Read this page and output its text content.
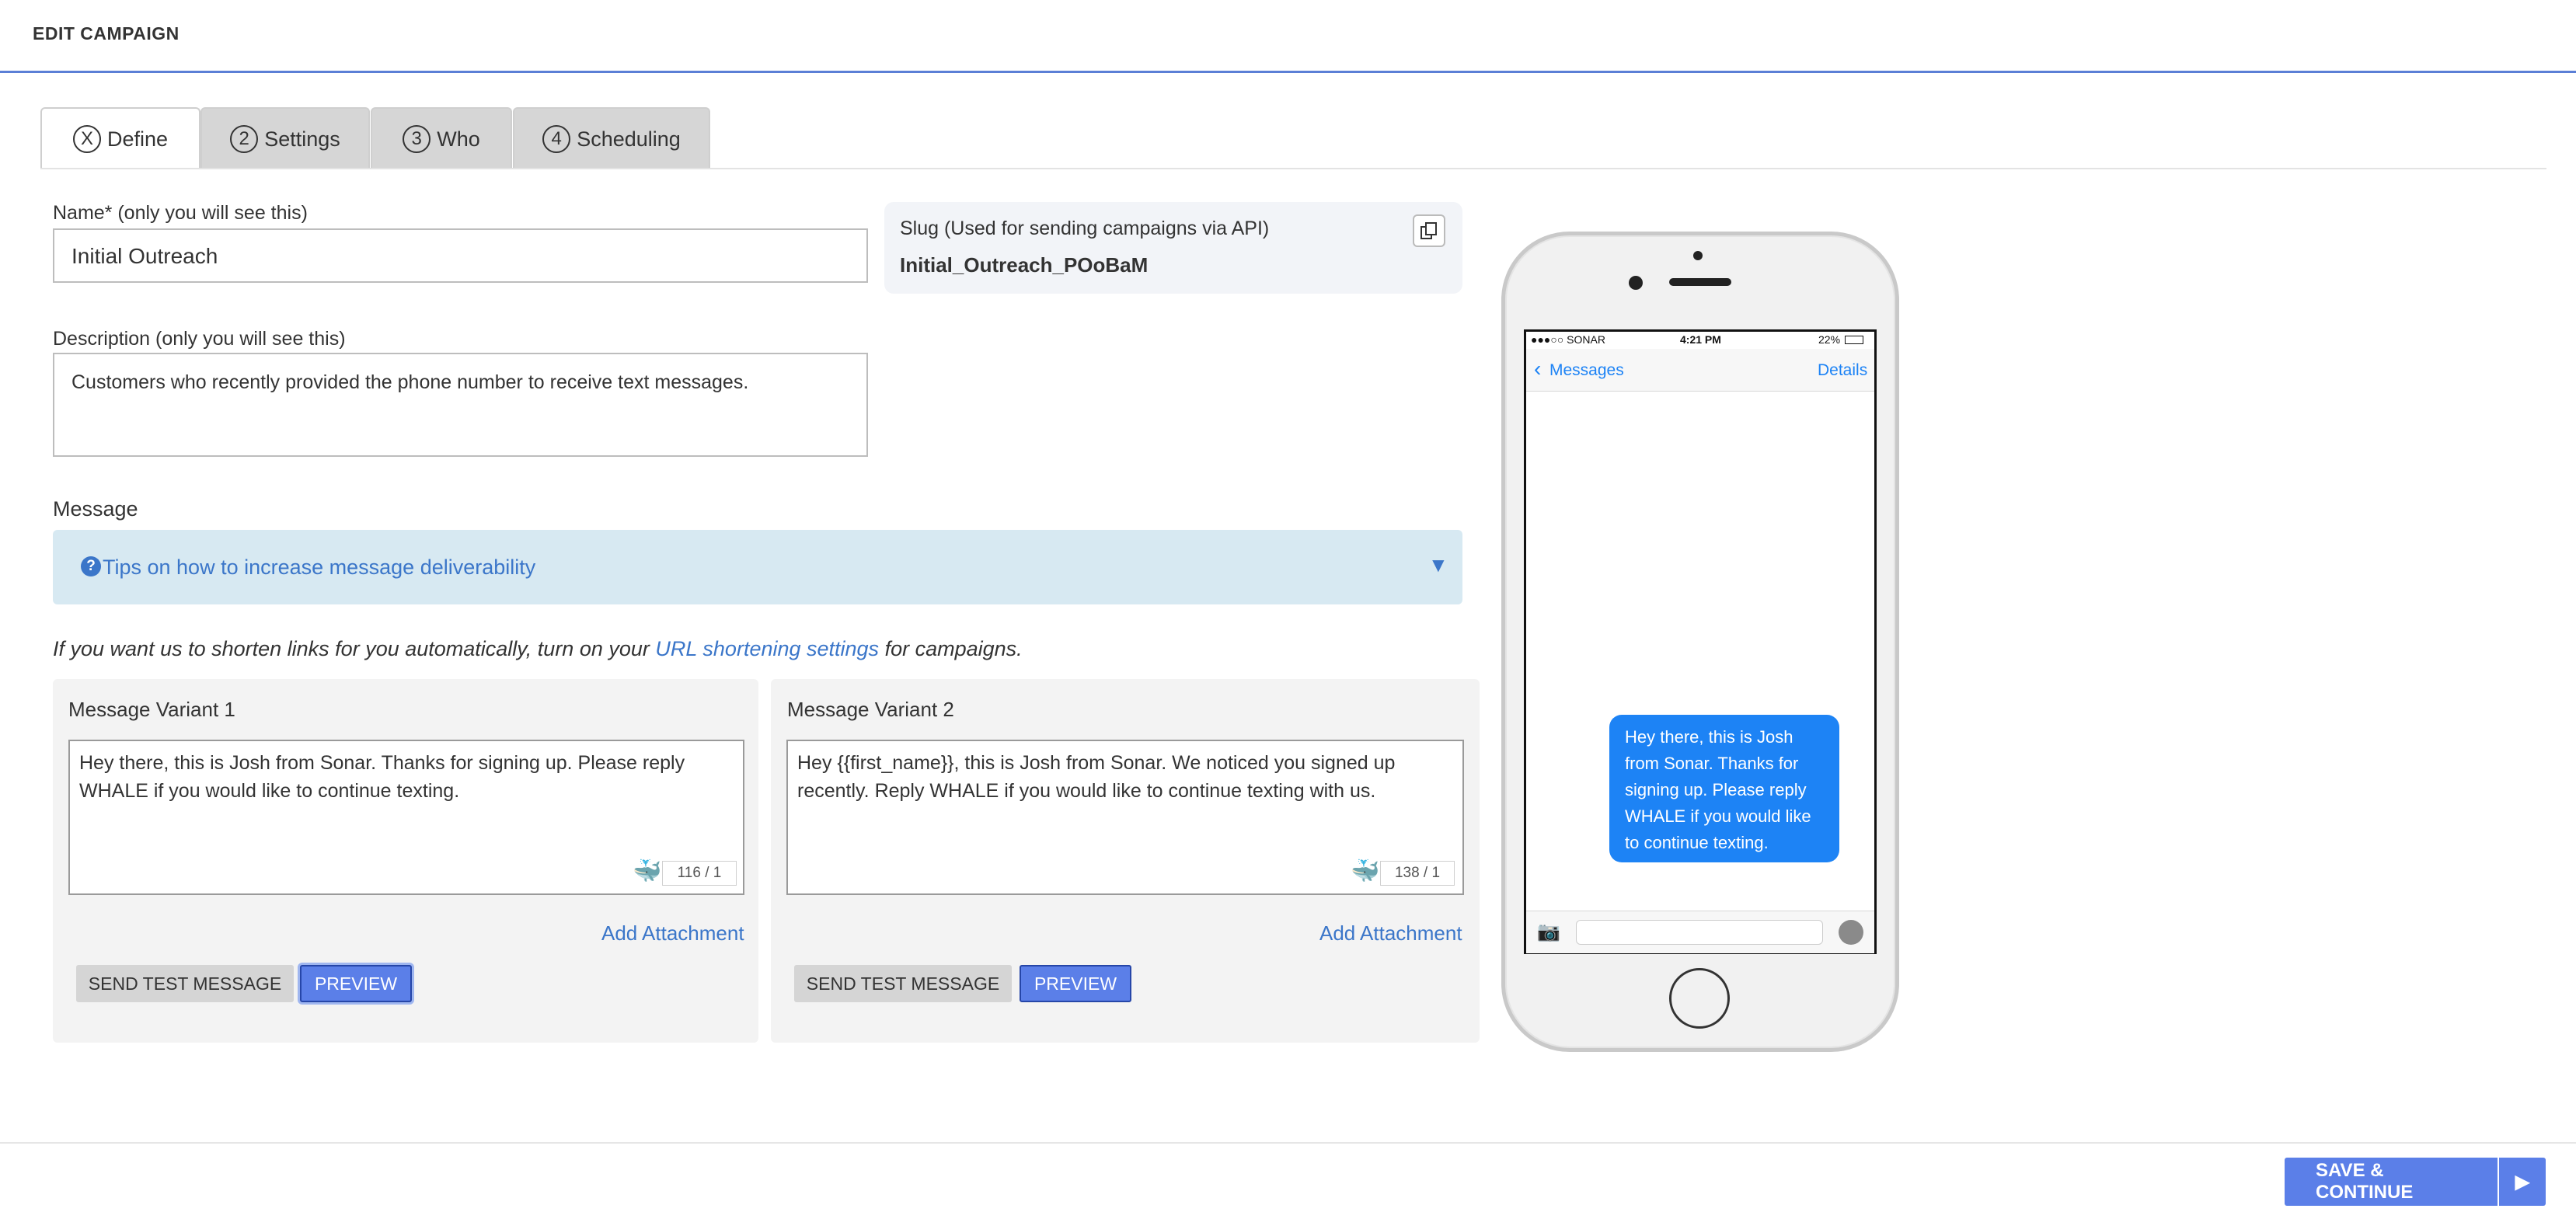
EDIT CAMPAIGN
X Define	2 Settings	3 Who	4 Scheduling
Name* (only you will see this)
Initial Outreach
Slug (Used for sending campaigns via API)
Initial_Outreach_POoBaM
Description (only you will see this)
Customers who recently provided the phone number to receive text messages.
Message
? Tips on how to increase message deliverability	▼
If you want us to shorten links for you automatically, turn on your URL shortening settings for campaigns.
Message Variant 1
Hey there, this is Josh from Sonar. Thanks for signing up. Please reply WHALE if you would like to continue texting.
🐳	116 / 1
Add Attachment
SEND TEST MESSAGE	PREVIEW
Message Variant 2
Hey {{first_name}}, this is Josh from Sonar. We noticed you signed up recently. Reply WHALE if you would like to continue texting with us.
🐳	138 / 1
Add Attachment
SEND TEST MESSAGE	PREVIEW
●●●○○ SONAR	4:21 PM	22%
‹ Messages	Details
Hey there, this is Josh from Sonar. Thanks for signing up. Please reply WHALE if you would like to continue texting.
📷
SAVE & CONTINUE	▶
